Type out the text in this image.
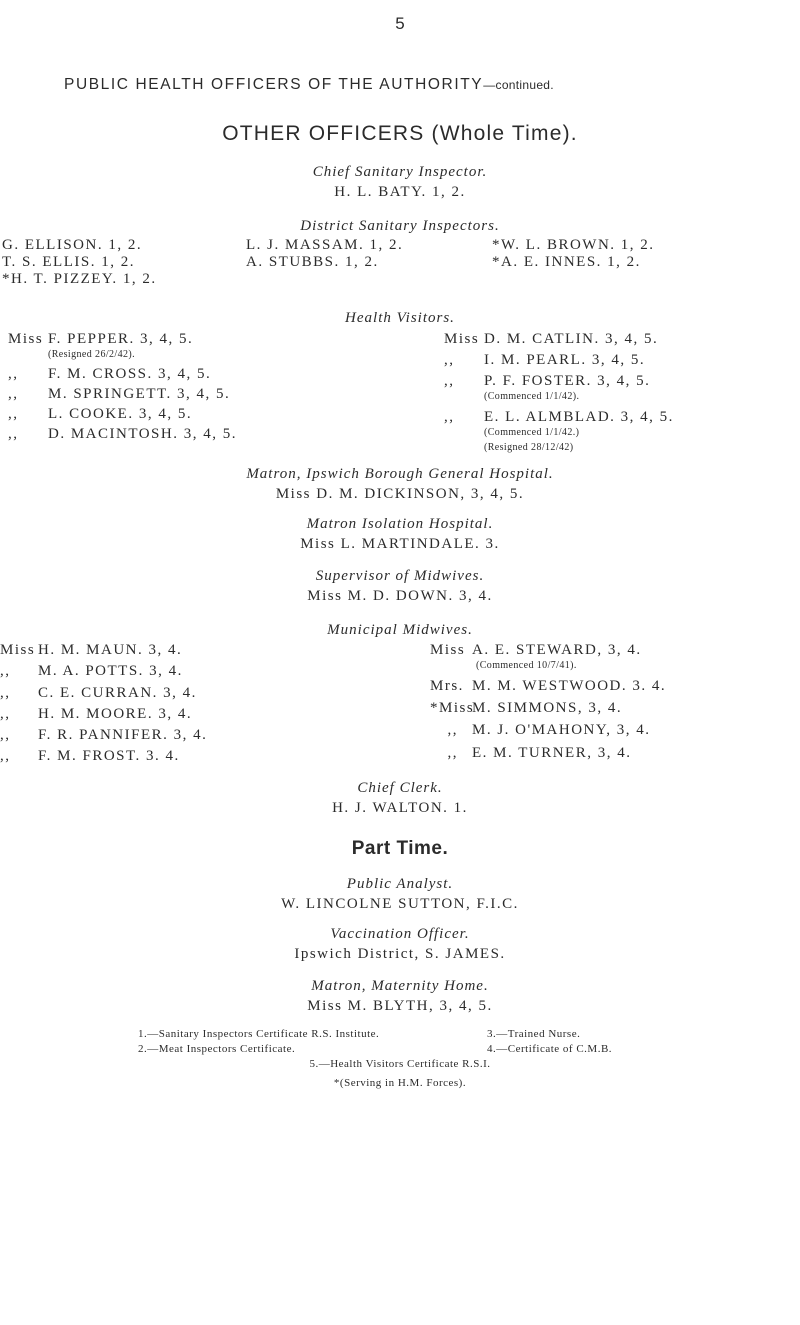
5
PUBLIC HEALTH OFFICERS OF THE AUTHORITY—continued.
OTHER OFFICERS (Whole Time).
Chief Sanitary Inspector.
H. L. BATY. 1, 2.
District Sanitary Inspectors.
G. ELLISON. 1, 2.
T. S. ELLIS. 1, 2.
*H. T. PIZZEY. 1, 2.
L. J. MASSAM. 1, 2.
A. STUBBS. 1, 2.
*W. L. BROWN. 1, 2.
*A. E. INNES. 1, 2.
Health Visitors.
Miss F. PEPPER. 3, 4, 5.
(Resigned 26/2/42).
,, F. M. CROSS. 3, 4, 5.
,, M. SPRINGETT. 3, 4, 5.
,, L. COOKE. 3, 4, 5.
,, D. MACINTOSH. 3, 4, 5.
Miss D. M. CATLIN. 3, 4, 5.
,, I. M. PEARL. 3, 4, 5.
,, P. F. FOSTER. 3, 4, 5.
(Commenced 1/1/42).
,, E. L. ALMBLAD. 3, 4, 5.
(Commenced 1/1/42.)
(Resigned 28/12/42)
Matron, Ipswich Borough General Hospital.
Miss D. M. DICKINSON, 3, 4, 5.
Matron Isolation Hospital.
Miss L. MARTINDALE. 3.
Supervisor of Midwives.
Miss M. D. DOWN. 3, 4.
Municipal Midwives.
Miss H. M. MAUN. 3, 4.
,, M. A. POTTS. 3, 4.
,, C. E. CURRAN. 3, 4.
,, H. M. MOORE. 3, 4.
,, F. R. PANNIFER. 3, 4.
,, F. M. FROST. 3. 4.
Miss A. E. STEWARD, 3, 4.
(Commenced 10/7/41).
Mrs. M. M. WESTWOOD. 3. 4.
*MissM. SIMMONS, 3, 4.
,, M. J. O'MAHONY, 3, 4.
,, E. M. TURNER, 3, 4.
Chief Clerk.
H. J. WALTON. 1.
Part Time.
Public Analyst.
W. LINCOLNE SUTTON, F.I.C.
Vaccination Officer.
Ipswich District, S. JAMES.
Matron, Maternity Home.
Miss M. BLYTH, 3, 4, 5.
1.—Sanitary Inspectors Certificate R.S. Institute.
2.—Meat Inspectors Certificate.
3.—Trained Nurse.
4.—Certificate of C.M.B.
5.—Health Visitors Certificate R.S.I.
*(Serving in H.M. Forces).
